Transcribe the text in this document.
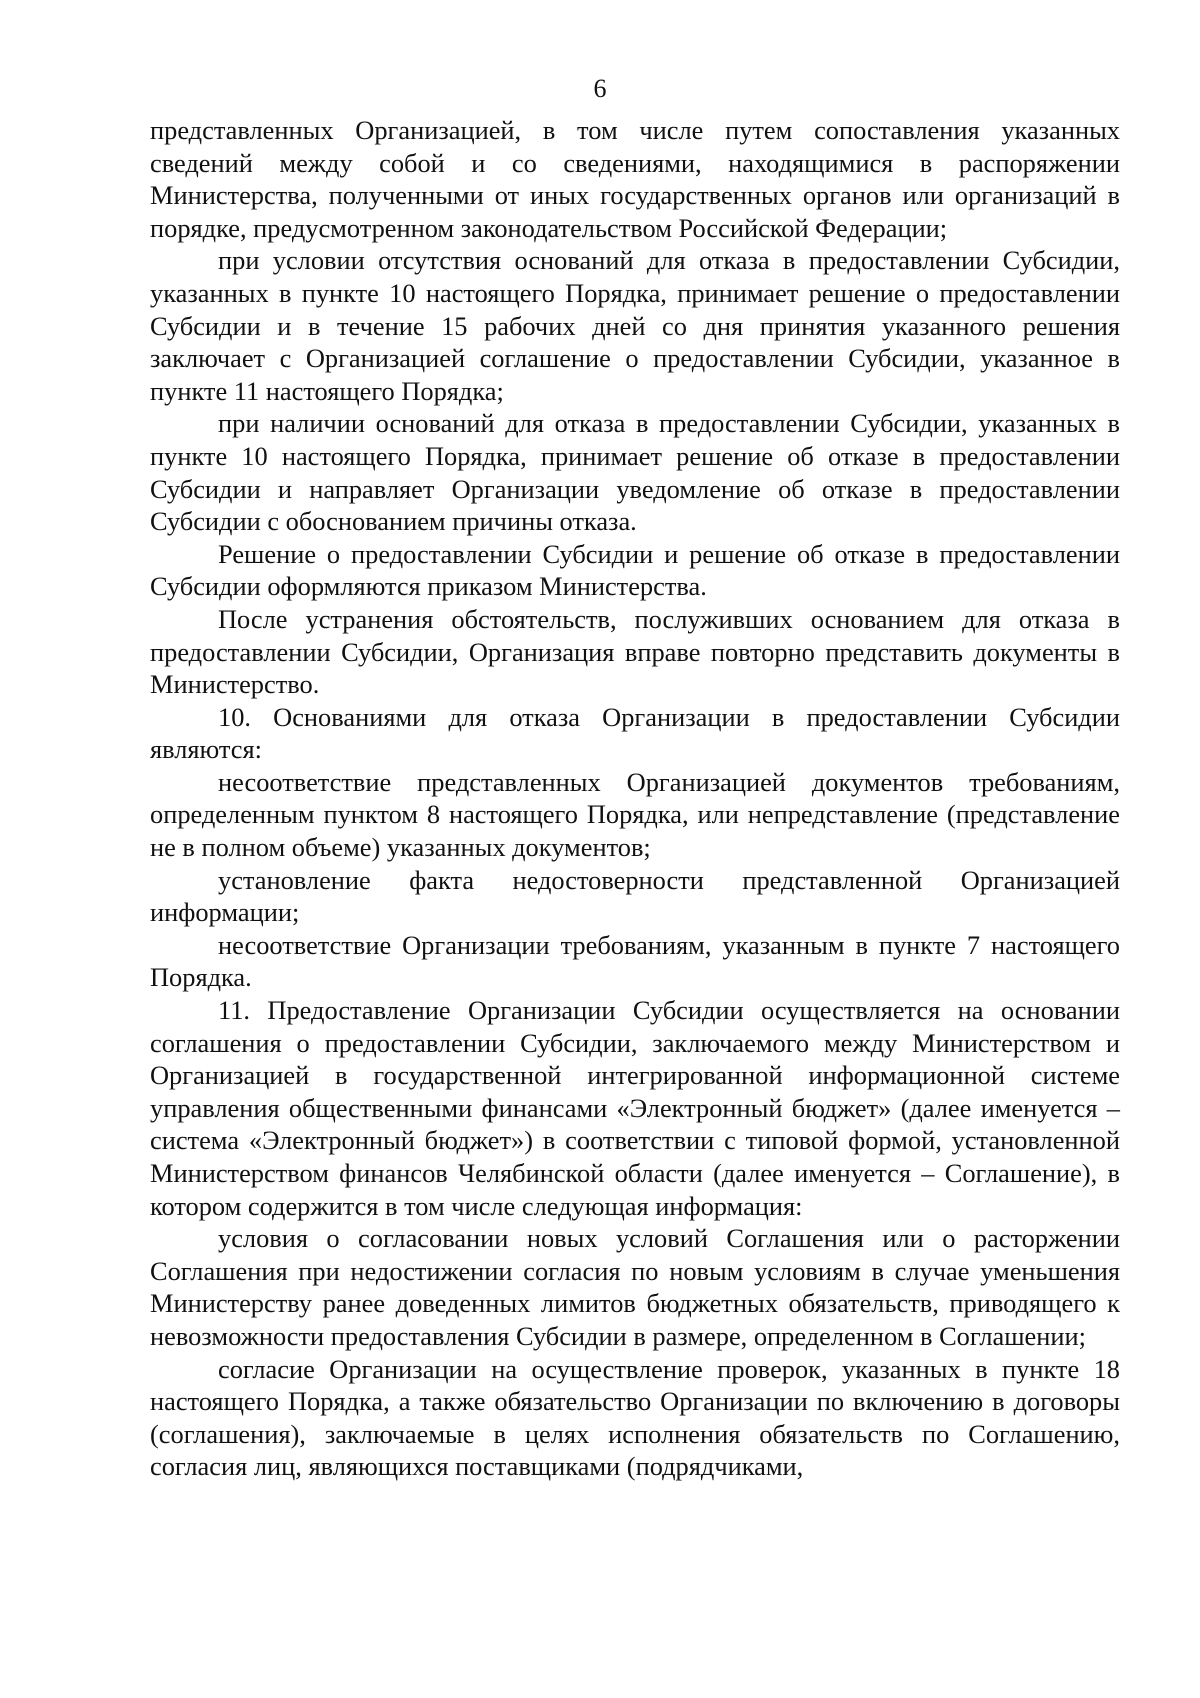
6

представленных Организацией, в том числе путем сопоставления указанных сведений между собой и со сведениями, находящимися в распоряжении Министерства, полученными от иных государственных органов или организаций в порядке, предусмотренном законодательством Российской Федерации;

при условии отсутствия оснований для отказа в предоставлении Субсидии, указанных в пункте 10 настоящего Порядка, принимает решение о предоставлении Субсидии и в течение 15 рабочих дней со дня принятия указанного решения заключает с Организацией соглашение о предоставлении Субсидии, указанное в пункте 11 настоящего Порядка;

при наличии оснований для отказа в предоставлении Субсидии, указанных в пункте 10 настоящего Порядка, принимает решение об отказе в предоставлении Субсидии и направляет Организации уведомление об отказе в предоставлении Субсидии с обоснованием причины отказа.

Решение о предоставлении Субсидии и решение об отказе в предоставлении Субсидии оформляются приказом Министерства.

После устранения обстоятельств, послуживших основанием для отказа в предоставлении Субсидии, Организация вправе повторно представить документы в Министерство.

10. Основаниями для отказа Организации в предоставлении Субсидии являются:

несоответствие представленных Организацией документов требованиям, определенным пунктом 8 настоящего Порядка, или непредставление (представление не в полном объеме) указанных документов;

установление факта недостоверности представленной Организацией информации;

несоответствие Организации требованиям, указанным в пункте 7 настоящего Порядка.

11. Предоставление Организации Субсидии осуществляется на основании соглашения о предоставлении Субсидии, заключаемого между Министерством и Организацией в государственной интегрированной информационной системе управления общественными финансами «Электронный бюджет» (далее именуется – система «Электронный бюджет») в соответствии с типовой формой, установленной Министерством финансов Челябинской области (далее именуется – Соглашение), в котором содержится в том числе следующая информация:

условия о согласовании новых условий Соглашения или о расторжении Соглашения при недостижении согласия по новым условиям в случае уменьшения Министерству ранее доведенных лимитов бюджетных обязательств, приводящего к невозможности предоставления Субсидии в размере, определенном в Соглашении;

согласие Организации на осуществление проверок, указанных в пункте 18 настоящего Порядка, а также обязательство Организации по включению в договоры (соглашения), заключаемые в целях исполнения обязательств по Соглашению, согласия лиц, являющихся поставщиками (подрядчиками,
